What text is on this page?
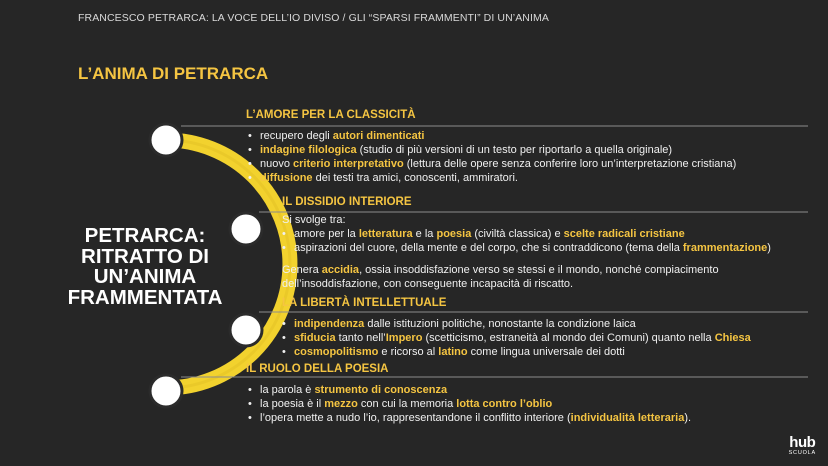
FRANCESCO PETRARCA: LA VOCE DELL’IO DIVISO / GLI “SPARSI FRAMMENTI” DI UN’ANIMA
L’ANIMA DI PETRARCA
PETRARCA:
RITRATTO DI
UN’ANIMA
FRAMMENTATA
L’AMORE PER LA CLASSICITÀ
• recupero degli autori dimenticati
• indagine filologica (studio di più versioni di un testo per riportarlo a quella originale)
• nuovo criterio interpretativo (lettura delle opere senza conferire loro un’interpretazione cristiana)
• diffusione dei testi tra amici, conoscenti, ammiratori.
IL DISSIDIO INTERIORE
Si svolge tra:
• amore per la letteratura e la poesia (civiltà classica) e scelte radicali cristiane
• aspirazioni del cuore, della mente e del corpo, che si contraddicono (tema della frammentazione)
Genera accidia, ossia insoddisfazione verso se stessi e il mondo, nonché compiacimento
dell’insoddisfazione, con conseguente incapacità di riscatto.
LA LIBERTÀ INTELLETTUALE
• indipendenza dalle istituzioni politiche, nonostante la condizione laica
• sfiducia tanto nell’Impero (scetticismo, estraneità al mondo dei Comuni) quanto nella Chiesa
• cosmopolitismo e ricorso al latino come lingua universale dei dotti
IL RUOLO DELLA POESIA
• la parola è strumento di conoscenza
• la poesia è il mezzo con cui la memoria lotta contro l’oblio
• l’opera mette a nudo l’io, rappresentandone il conflitto interiore (individualità letteraria).
hub
SCUOLA
